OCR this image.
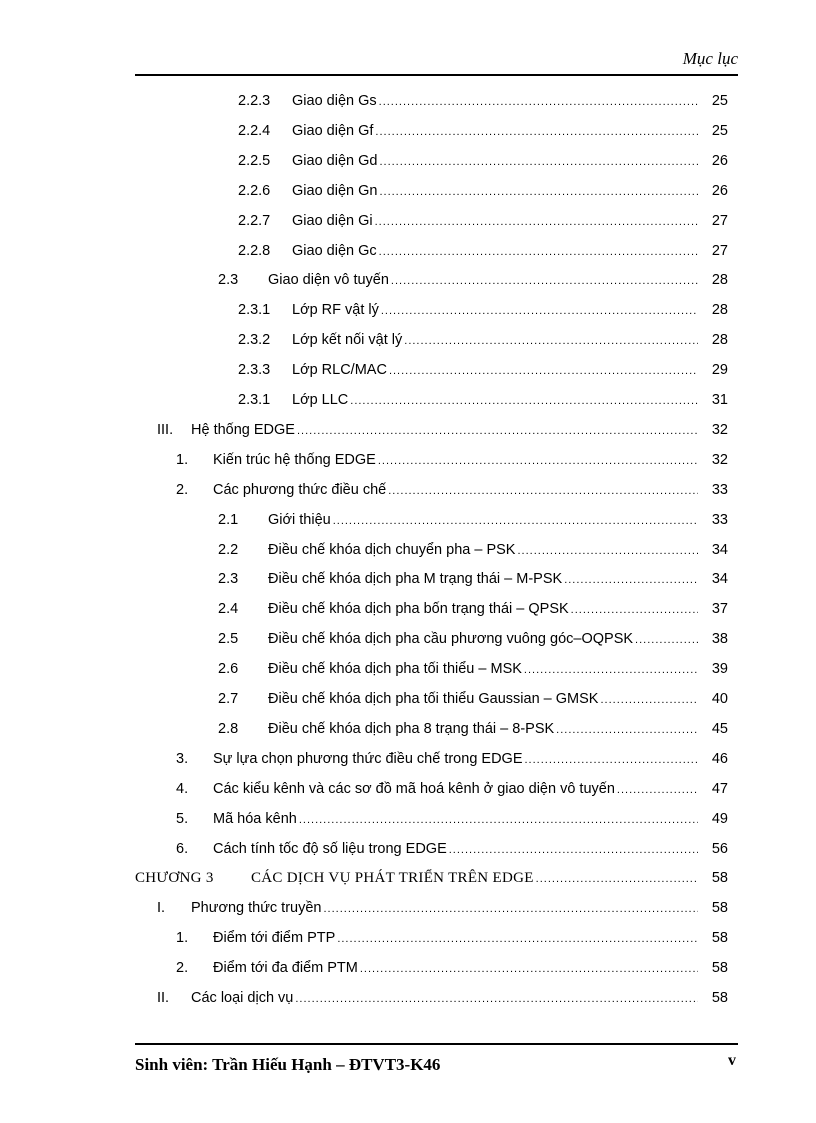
Mục lục
2.2.3 Giao diện Gs .....	25
2.2.4 Giao diện Gf .....	25
2.2.5 Giao diện Gd .....	26
2.2.6 Giao diện Gn .....	26
2.2.7 Giao diện Gi .....	27
2.2.8 Giao diện Gc .....	27
2.3 Giao diện vô tuyến .....	28
2.3.1 Lớp RF vật lý .....	28
2.3.2 Lớp kết nối vật lý .....	28
2.3.3 Lớp RLC/MAC .....	29
2.3.1 Lớp LLC .....	31
III. Hệ thống EDGE .....	32
1. Kiến trúc hệ thống EDGE .....	32
2. Các phương thức điều chế .....	33
2.1 Giới thiệu .....	33
2.2 Điều chế khóa dịch chuyển pha – PSK .....	34
2.3 Điều chế khóa dịch pha M trạng thái – M-PSK .....	34
2.4 Điều chế khóa dịch pha bốn trạng thái – QPSK .....	37
2.5 Điều chế khóa dịch pha cầu phương vuông góc–OQPSK .....	38
2.6 Điều chế khóa dịch pha tối thiểu – MSK .....	39
2.7 Điều chế khóa dịch pha tối thiểu Gaussian – GMSK .....	40
2.8 Điều chế khóa dịch pha 8 trạng thái – 8-PSK .....	45
3. Sự lựa chọn phương thức điều chế trong EDGE .....	46
4. Các kiểu kênh và các sơ đồ mã hoá kênh ở giao diện vô tuyến .....	47
5. Mã hóa kênh .....	49
6. Cách tính tốc độ số liệu trong EDGE .....	56
CHƯƠNG 3 CÁC DỊCH VỤ PHÁT TRIỂN TRÊN EDGE .....	58
I. Phương thức truyền .....	58
1. Điểm tới điểm PTP .....	58
2. Điểm tới đa điểm PTM .....	58
II. Các loại dịch vụ .....	58
Sinh viên: Trần Hiếu Hạnh – ĐTVT3-K46	v
